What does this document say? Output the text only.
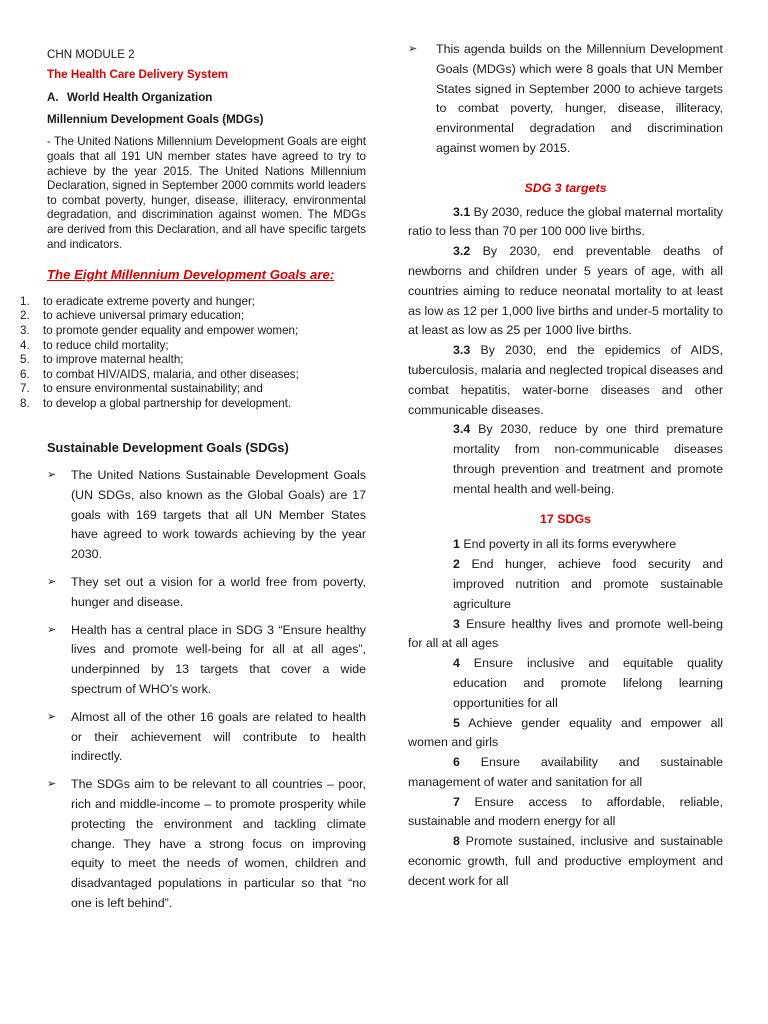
CHN MODULE 2
The Health Care Delivery System
A. World Health Organization
Millennium Development Goals (MDGs)
- The United Nations Millennium Development Goals are eight goals that all 191 UN member states have agreed to try to achieve by the year 2015. The United Nations Millennium Declaration, signed in September 2000 commits world leaders to combat poverty, hunger, disease, illiteracy, environmental degradation, and discrimination against women. The MDGs are derived from this Declaration, and all have specific targets and indicators.
The Eight Millennium Development Goals are:
1. to eradicate extreme poverty and hunger;
2. to achieve universal primary education;
3. to promote gender equality and empower women;
4. to reduce child mortality;
5. to improve maternal health;
6. to combat HIV/AIDS, malaria, and other diseases;
7. to ensure environmental sustainability; and
8. to develop a global partnership for development.
Sustainable Development Goals (SDGs)
➢ The United Nations Sustainable Development Goals (UN SDGs, also known as the Global Goals) are 17 goals with 169 targets that all UN Member States have agreed to work towards achieving by the year 2030.
➢ They set out a vision for a world free from poverty, hunger and disease.
➢ Health has a central place in SDG 3 “Ensure healthy lives and promote well-being for all at all ages”, underpinned by 13 targets that cover a wide spectrum of WHO’s work.
➢ Almost all of the other 16 goals are related to health or their achievement will contribute to health indirectly.
➢ The SDGs aim to be relevant to all countries – poor, rich and middle-income – to promote prosperity while protecting the environment and tackling climate change. They have a strong focus on improving equity to meet the needs of women, children and disadvantaged populations in particular so that “no one is left behind”.
➢ This agenda builds on the Millennium Development Goals (MDGs) which were 8 goals that UN Member States signed in September 2000 to achieve targets to combat poverty, hunger, disease, illiteracy, environmental degradation and discrimination against women by 2015.
SDG 3 targets
3.1 By 2030, reduce the global maternal mortality ratio to less than 70 per 100 000 live births.
3.2 By 2030, end preventable deaths of newborns and children under 5 years of age, with all countries aiming to reduce neonatal mortality to at least as low as 12 per 1,000 live births and under-5 mortality to at least as low as 25 per 1000 live births.
3.3 By 2030, end the epidemics of AIDS, tuberculosis, malaria and neglected tropical diseases and combat hepatitis, water-borne diseases and other communicable diseases.
3.4 By 2030, reduce by one third premature mortality from non-communicable diseases through prevention and treatment and promote mental health and well-being.
17 SDGs
1 End poverty in all its forms everywhere
2 End hunger, achieve food security and improved nutrition and promote sustainable agriculture
3 Ensure healthy lives and promote well-being for all at all ages
4 Ensure inclusive and equitable quality education and promote lifelong learning opportunities for all
5 Achieve gender equality and empower all women and girls
6 Ensure availability and sustainable management of water and sanitation for all
7 Ensure access to affordable, reliable, sustainable and modern energy for all
8 Promote sustained, inclusive and sustainable economic growth, full and productive employment and decent work for all
